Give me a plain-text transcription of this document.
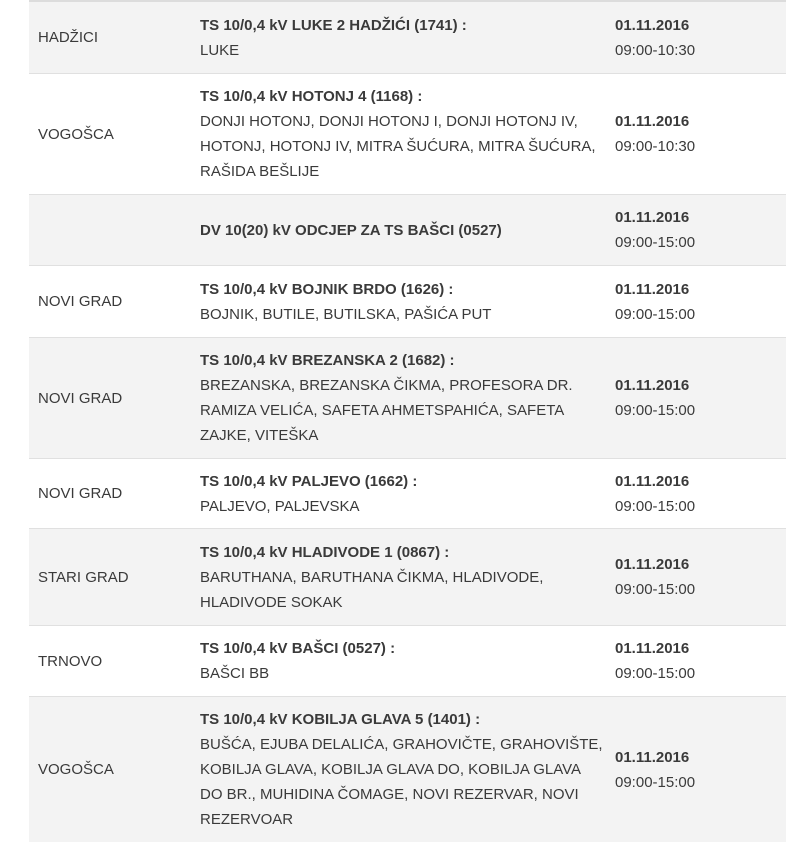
HADŽICI
TS 10/0,4 kV LUKE 2 HADŽIĆI (1741) :
LUKE
01.11.2016
09:00-10:30
VOGOŠCA
TS 10/0,4 kV HOTONJ 4 (1168) :
DONJI HOTONJ, DONJI HOTONJ I, DONJI HOTONJ IV, HOTONJ, HOTONJ IV, MITRA ŠUĆURA, MITRA ŠUĆURA, RAŠIDA BEŠLIJE
01.11.2016
09:00-10:30
DV 10(20) kV ODCJEP ZA TS BAŠCI (0527)
01.11.2016
09:00-15:00
NOVI GRAD
TS 10/0,4 kV BOJNIK BRDO (1626) :
BOJNIK, BUTILE, BUTILSKA, PAŠIĆA PUT
01.11.2016
09:00-15:00
NOVI GRAD
TS 10/0,4 kV BREZANSKA 2 (1682) :
BREZANSKA, BREZANSKA ČIKMA, PROFESORA DR. RAMIZA VELIĆA, SAFETA AHMETSPAHIĆA, SAFETA ZAJKE, VITEŠKA
01.11.2016
09:00-15:00
NOVI GRAD
TS 10/0,4 kV PALJEVO (1662) :
PALJEVO, PALJEVSKA
01.11.2016
09:00-15:00
STARI GRAD
TS 10/0,4 kV HLADIVODE 1 (0867) :
BARUTHANA, BARUTHANA ČIKMA, HLADIVODE, HLADIVODE SOKAK
01.11.2016
09:00-15:00
TRNOVO
TS 10/0,4 kV BAŠCI (0527) :
BAŠCI BB
01.11.2016
09:00-15:00
VOGOŠCA
TS 10/0,4 kV KOBILJA GLAVA 5 (1401) :
BUŠĆA, EJUBA DELALIĆA, GRAHOVIČTE, GRAHOVIŠTE, KOBILJA GLAVA, KOBILJA GLAVA DO, KOBILJA GLAVA DO BR., MUHIDINA ČOMAGE, NOVI REZERVAR, NOVI REZERVOAR
01.11.2016
09:00-15:00
